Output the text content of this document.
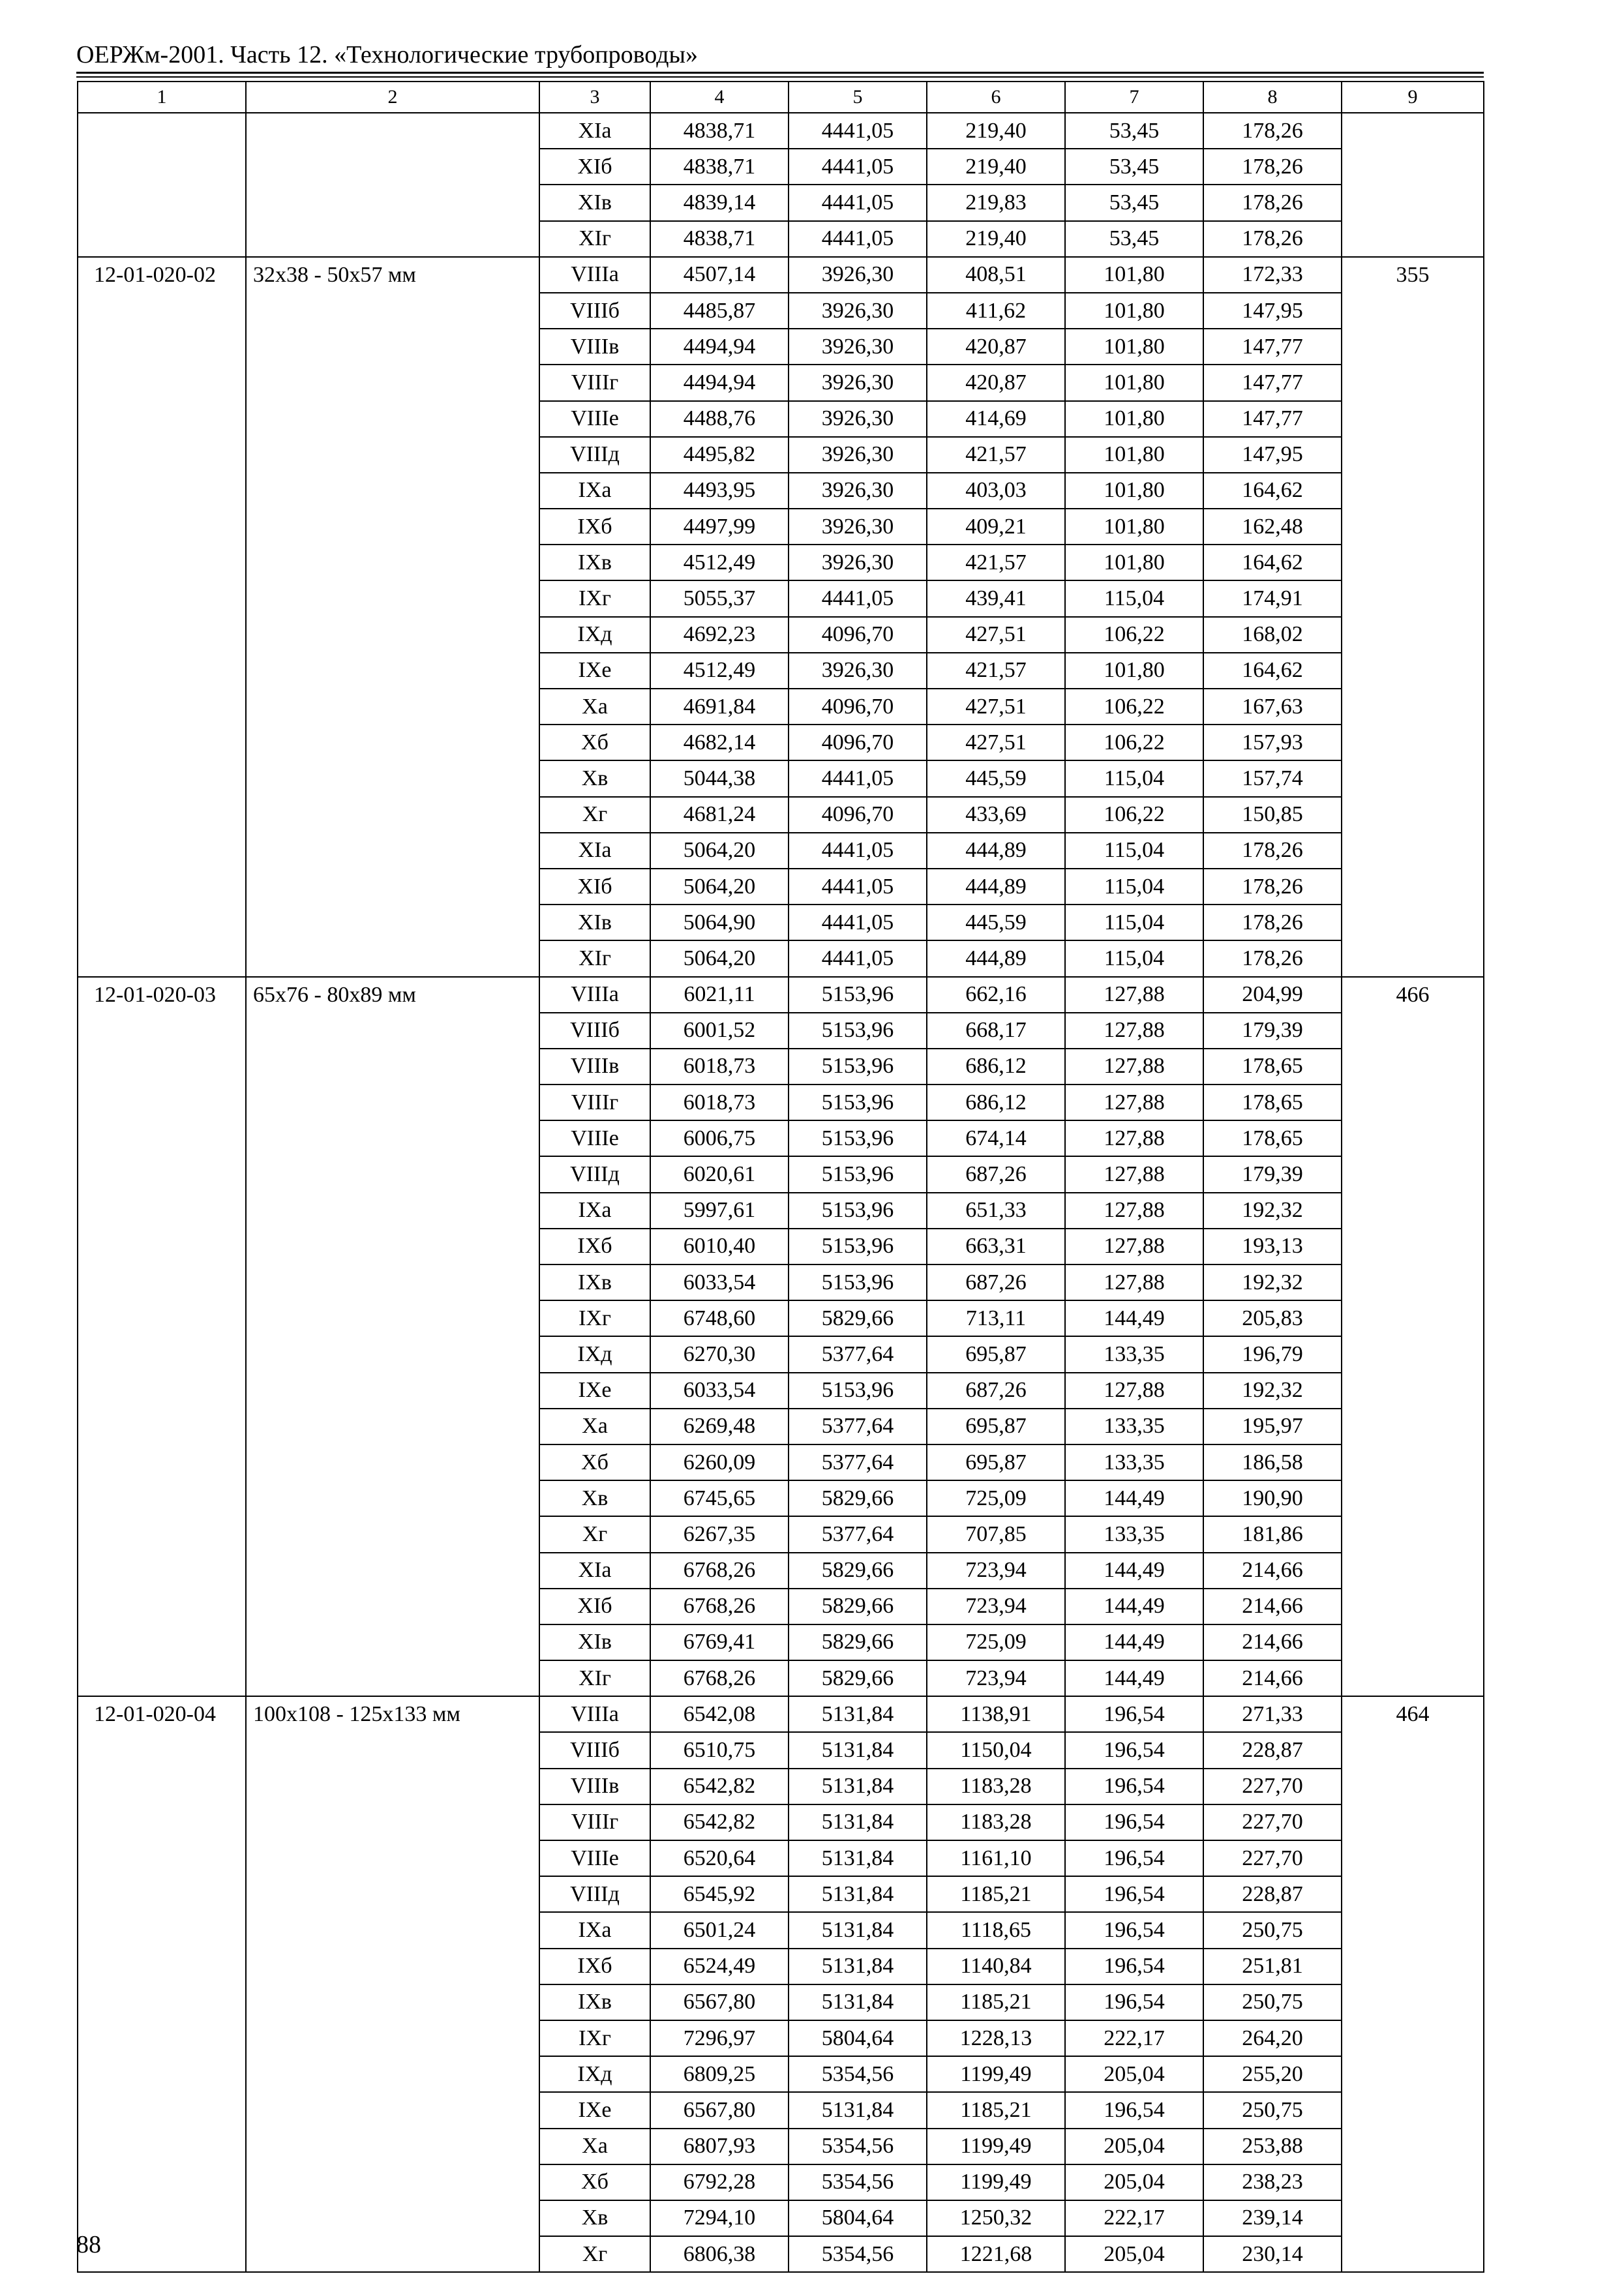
ОЕРЖм-2001. Часть 12. «Технологические трубопроводы»
1	2	3	4	5	6	7	8	9
		XIа	4838,71	4441,05	219,40	53,45	178,26	
		XIб	4838,71	4441,05	219,40	53,45	178,26	
		XIв	4839,14	4441,05	219,83	53,45	178,26	
		XIг	4838,71	4441,05	219,40	53,45	178,26	
12-01-020-02	32x38 - 50x57 мм	VIIIа	4507,14	3926,30	408,51	101,80	172,33	355
		VIIIб	4485,87	3926,30	411,62	101,80	147,95	
		VIIIв	4494,94	3926,30	420,87	101,80	147,77	
		VIIIг	4494,94	3926,30	420,87	101,80	147,77	
		VIIIе	4488,76	3926,30	414,69	101,80	147,77	
		VIIIд	4495,82	3926,30	421,57	101,80	147,95	
		IXа	4493,95	3926,30	403,03	101,80	164,62	
		IXб	4497,99	3926,30	409,21	101,80	162,48	
		IXв	4512,49	3926,30	421,57	101,80	164,62	
		IXг	5055,37	4441,05	439,41	115,04	174,91	
		IXд	4692,23	4096,70	427,51	106,22	168,02	
		IXе	4512,49	3926,30	421,57	101,80	164,62	
		Xа	4691,84	4096,70	427,51	106,22	167,63	
		Xб	4682,14	4096,70	427,51	106,22	157,93	
		Xв	5044,38	4441,05	445,59	115,04	157,74	
		Xг	4681,24	4096,70	433,69	106,22	150,85	
		XIа	5064,20	4441,05	444,89	115,04	178,26	
		XIб	5064,20	4441,05	444,89	115,04	178,26	
		XIв	5064,90	4441,05	445,59	115,04	178,26	
		XIг	5064,20	4441,05	444,89	115,04	178,26	
12-01-020-03	65x76 - 80x89 мм	VIIIа	6021,11	5153,96	662,16	127,88	204,99	466
		VIIIб	6001,52	5153,96	668,17	127,88	179,39	
		VIIIв	6018,73	5153,96	686,12	127,88	178,65	
		VIIIг	6018,73	5153,96	686,12	127,88	178,65	
		VIIIе	6006,75	5153,96	674,14	127,88	178,65	
		VIIIд	6020,61	5153,96	687,26	127,88	179,39	
		IXа	5997,61	5153,96	651,33	127,88	192,32	
		IXб	6010,40	5153,96	663,31	127,88	193,13	
		IXв	6033,54	5153,96	687,26	127,88	192,32	
		IXг	6748,60	5829,66	713,11	144,49	205,83	
		IXд	6270,30	5377,64	695,87	133,35	196,79	
		IXе	6033,54	5153,96	687,26	127,88	192,32	
		Xа	6269,48	5377,64	695,87	133,35	195,97	
		Xб	6260,09	5377,64	695,87	133,35	186,58	
		Xв	6745,65	5829,66	725,09	144,49	190,90	
		Xг	6267,35	5377,64	707,85	133,35	181,86	
		XIа	6768,26	5829,66	723,94	144,49	214,66	
		XIб	6768,26	5829,66	723,94	144,49	214,66	
		XIв	6769,41	5829,66	725,09	144,49	214,66	
		XIг	6768,26	5829,66	723,94	144,49	214,66	
12-01-020-04	100x108 - 125x133 мм	VIIIа	6542,08	5131,84	1138,91	196,54	271,33	464
		VIIIб	6510,75	5131,84	1150,04	196,54	228,87	
		VIIIв	6542,82	5131,84	1183,28	196,54	227,70	
		VIIIг	6542,82	5131,84	1183,28	196,54	227,70	
		VIIIе	6520,64	5131,84	1161,10	196,54	227,70	
		VIIIд	6545,92	5131,84	1185,21	196,54	228,87	
		IXа	6501,24	5131,84	1118,65	196,54	250,75	
		IXб	6524,49	5131,84	1140,84	196,54	251,81	
		IXв	6567,80	5131,84	1185,21	196,54	250,75	
		IXг	7296,97	5804,64	1228,13	222,17	264,20	
		IXд	6809,25	5354,56	1199,49	205,04	255,20	
		IXе	6567,80	5131,84	1185,21	196,54	250,75	
		Xа	6807,93	5354,56	1199,49	205,04	253,88	
		Xб	6792,28	5354,56	1199,49	205,04	238,23	
		Xв	7294,10	5804,64	1250,32	222,17	239,14	
		Xг	6806,38	5354,56	1221,68	205,04	230,14	
88
